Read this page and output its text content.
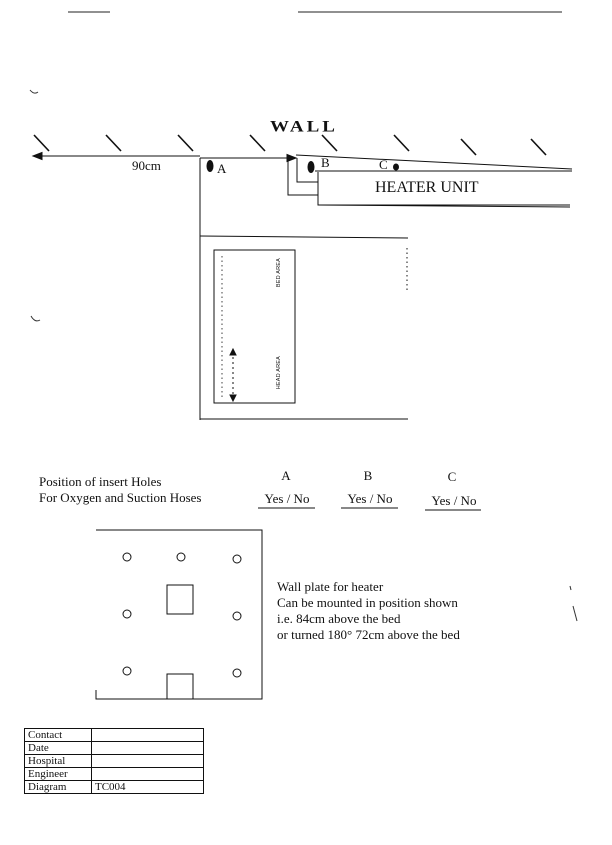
WALL
90cm	A	B	C
HEATER UNIT
BED AREA
HEAD AREA
Position of insert Holes
For Oxygen and Suction Hoses
A	B	C
Yes / No	Yes / No	Yes / No
Wall plate for heater
Can be mounted in position shown
i.e. 84cm above the bed
or turned 180° 72cm above the bed
Contact	
Date	
Hospital	
Engineer	
Diagram	TC004
